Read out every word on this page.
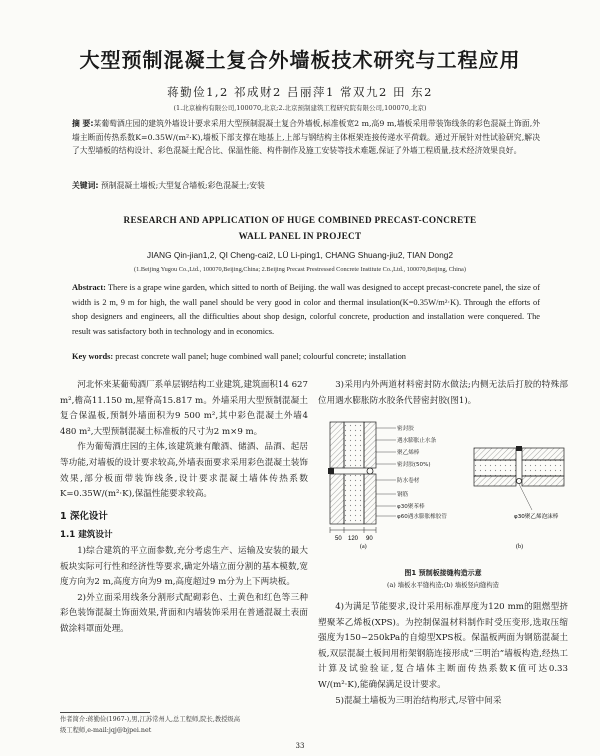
大型预制混凝土复合外墙板技术研究与工程应用
蒋勤俭1,2 祁成财2 吕丽萍1 常双九2 田 东2
(1.北京榆构有限公司,100070,北京;2.北京预制建筑工程研究院有限公司,100070,北京)
摘 要:某葡萄酒庄园的建筑外墙设计要求采用大型预制混凝土复合外墙板,标准板宽2 m,高9 m,墙板采用带装饰线条的彩色混凝土饰面,外墙主断面传热系数K=0.35W/(m²·K),墙板下部支撑在地基上,上部与钢结构主体框架连接传递水平荷载。通过开展针对性试验研究,解决了大型墙板的结构设计、彩色混凝土配合比、保温性能、构件制作及施工安装等技术难题,保证了外墙工程质量,技术经济效果良好。
关键词: 预制混凝土墙板;大型复合墙板;彩色混凝土;安装
RESEARCH AND APPLICATION OF HUGE COMBINED PRECAST-CONCRETE
WALL PANEL IN PROJECT
JIANG Qin-jian1,2, QI Cheng-cai2, LÜ Li-ping1, CHANG Shuang-jiu2, TIAN Dong2
(1.Beijing Yugou Co.,Ltd., 100070,Beijing,China; 2.Beijing Precast Prestressed Concrete Institute Co.,Ltd., 100070,Beijing, China)
Abstract: There is a grape wine garden, which sitted to north of Beijing. the wall was designed to accept precast-concrete panel, the size of width is 2 m, 9 m for high, the wall panel should be very good in color and thermal insulation(K=0.35W/m²·K). Through the efforts of shop designers and engineers, all the difficulties about shop design, colorful concrete, production and installation were conquered. The result was satisfactory both in technology and in economics.
Key words: precast concrete wall panel; huge combined wall panel; colourful concrete; installation

河北怀来某葡萄酒厂系单层钢结构工业建筑,建筑面积14 627 m²,檐高11.150 m,屋脊高15.817 m。外墙采用大型预制混凝土复合保温板,预制外墙面积为9 500 m²,其中彩色混凝土外墙4 480 m²,大型预制混凝土标准板的尺寸为2 m×9 m。

作为葡萄酒庄园的主体,该建筑兼有酿酒、储酒、品酒、起居等功能,对墙板的设计要求较高,外墙表面要求采用彩色混凝土装饰效果,部分板面带装饰线条,设计要求混凝土墙体传热系数K=0.35W/(m²·K),保温性能要求较高。

1 深化设计
1.1 建筑设计

1)综合建筑的平立面参数,充分考虑生产、运输及安装的最大板块实际可行性和经济性等要求,确定外墙立面分割的基本模数,宽度方向为2 m,高度方向为9 m,高度超过9 m分为上下两块板。

2)外立面采用线条分割形式配砌彩色、土黄色和红色等三种彩色装饰混凝土饰面效果,背面和内墙装饰采用在普通混凝土表面做涂料罩面处理。

3)采用内外两道材料密封防水做法;内侧无法后打胶的特殊部位用遇水膨胀防水胶条代替密封胶(图1)。

50 120 90
密封胶
遇水膨胀止水条
聚乙烯棒
密封胶(50%)
防水卷材
钢筋
φ30聚苯棒
φ60遇水膨胀橡胶管	φ30聚乙烯泡沫棒
(a)	(b)
图1 预制板接缝构造示意
(a) 墙板水平缝构造;(b) 墙板竖向缝构造

4)为满足节能要求,设计采用标准厚度为120 mm的阻燃型挤塑聚苯乙烯板(XPS)。为控制保温材料制作时受压变形,选取压缩强度为150~250kPa的自熄型XPS板。保温板两面为钢筋混凝土板,双层混凝土板间用桁架钢筋连接形成“三明治”墙板构造,经热工计算及试验验证,复合墙体主断面传热系数K值可达0.33 W/(m²·K),能确保满足设计要求。

5)混凝土墙板为三明治结构形式,尽管中间采

作者简介:蒋勤俭(1967-),男,江苏常州人,总工程师,院长,教授级高
级工程师,e-mail:jqj@bjpei.net
33
